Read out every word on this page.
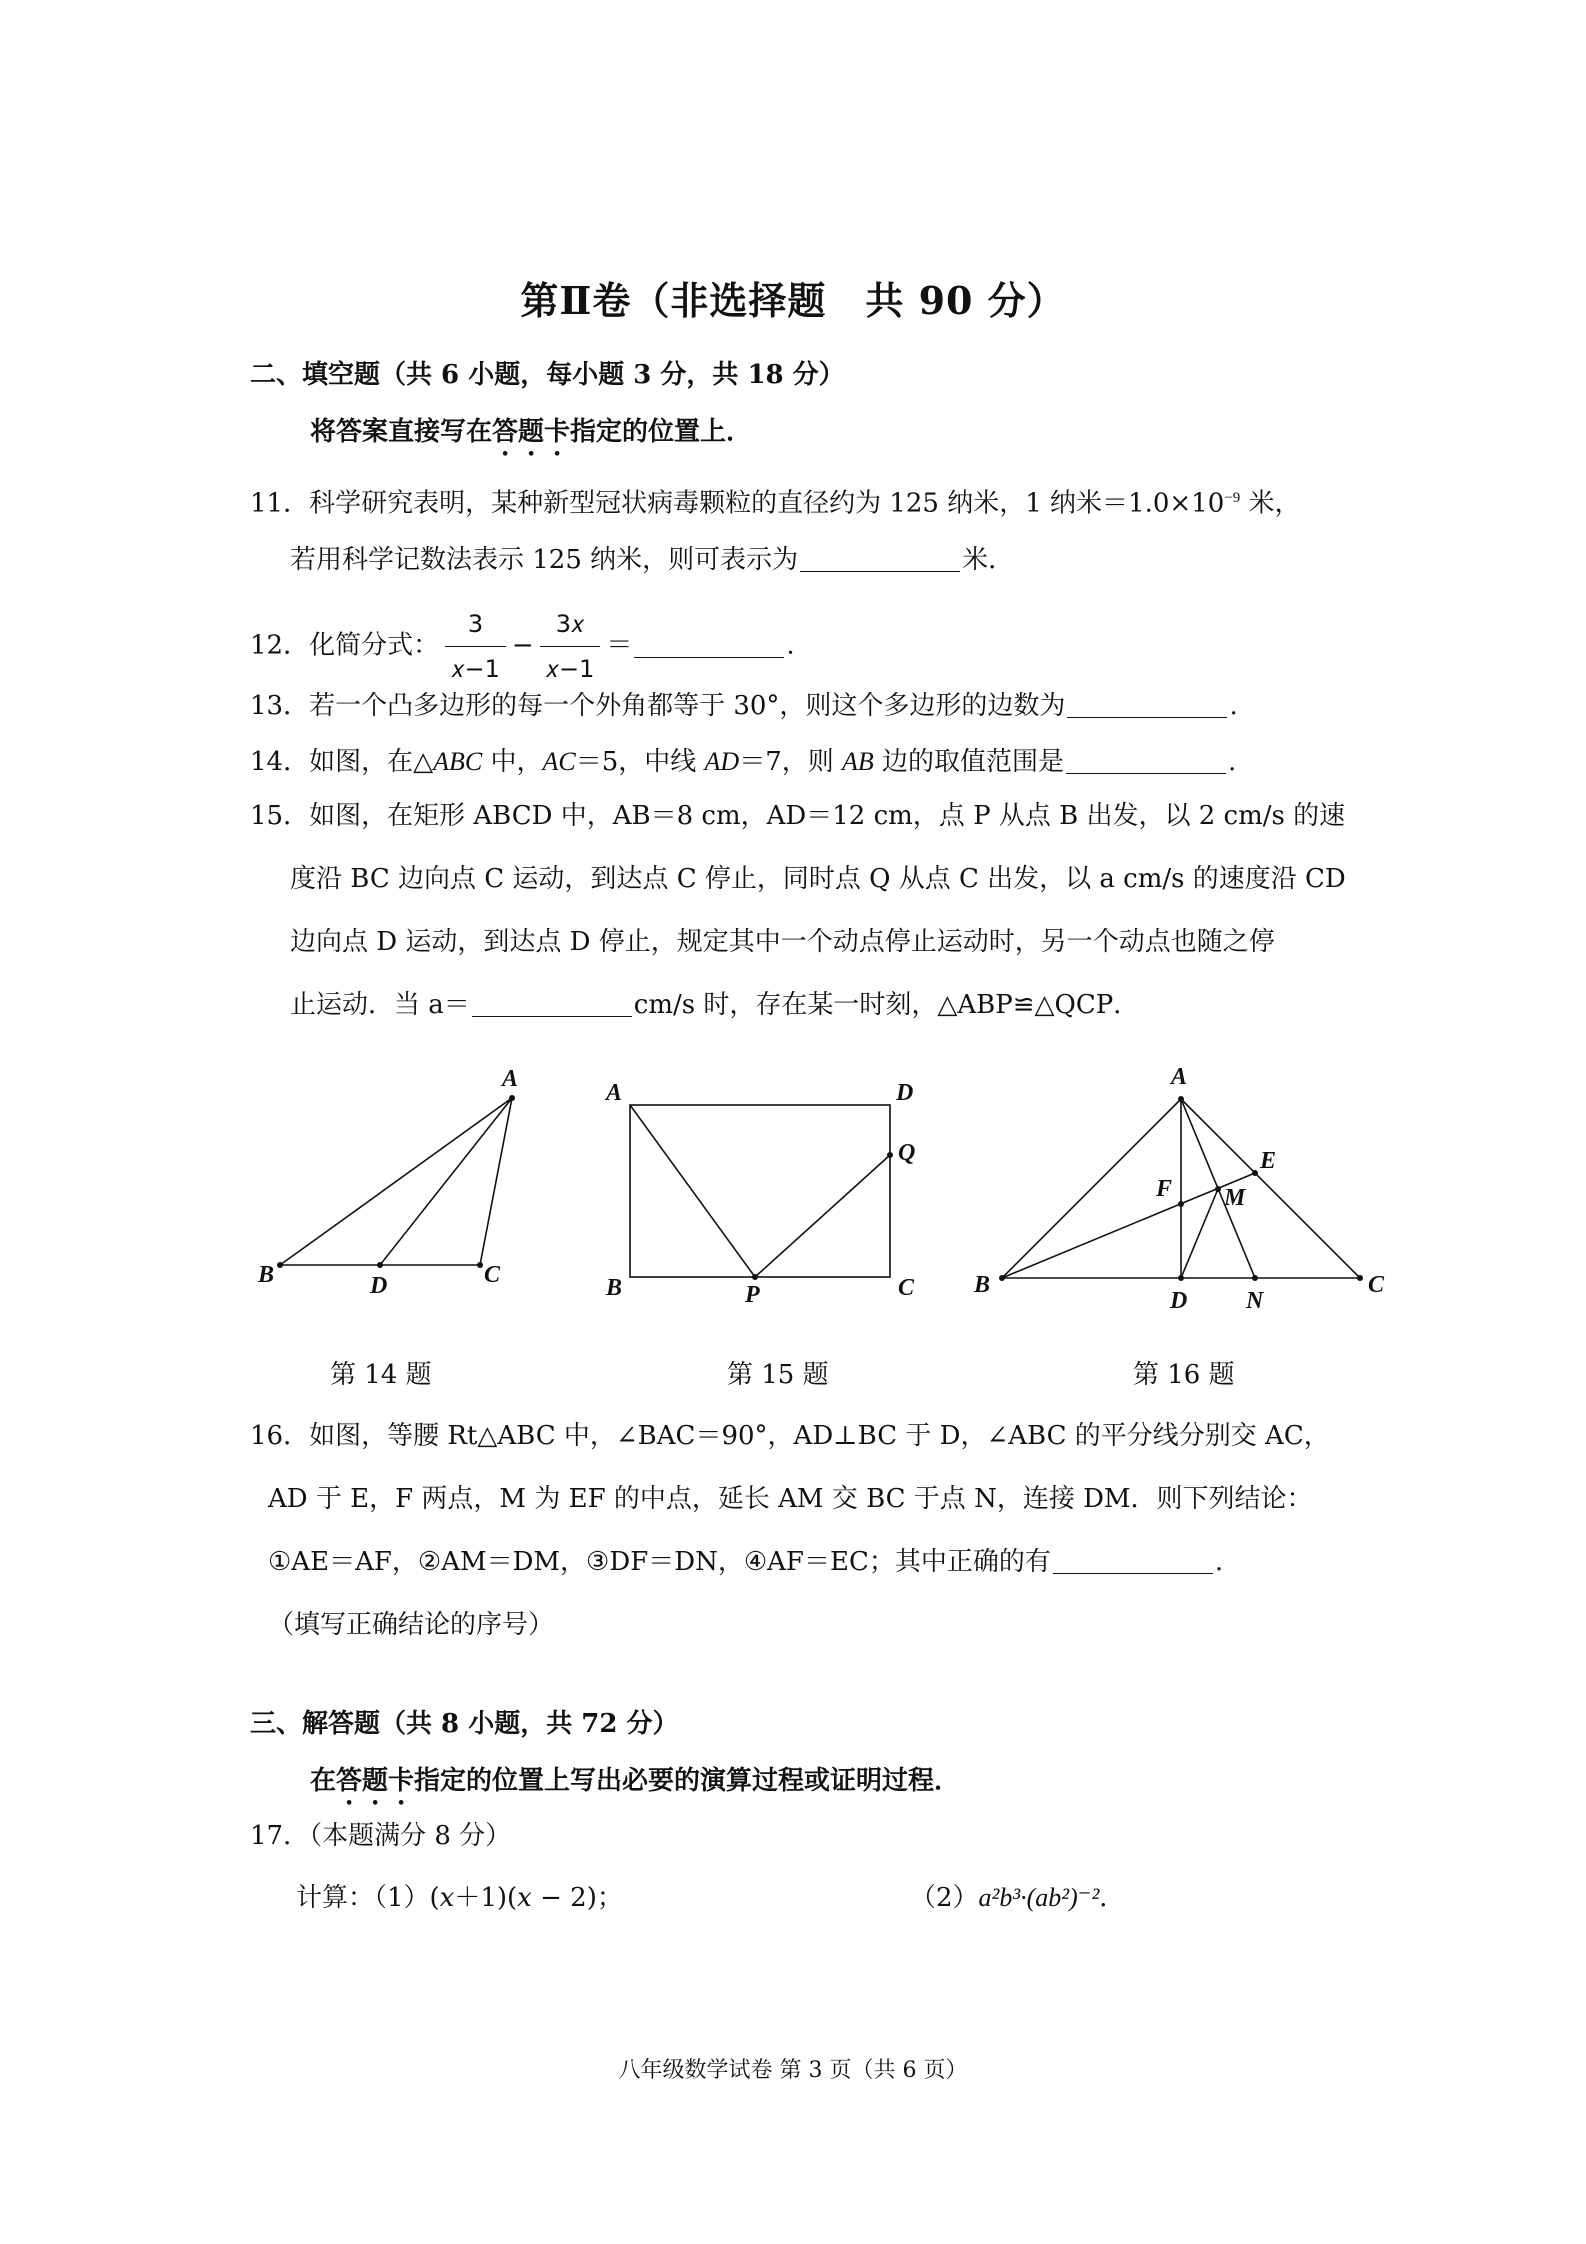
第Ⅱ卷（非选择题　共 90 分）
二、填空题（共 6 小题，每小题 3 分，共 18 分）
将答案直接写在答题卡指定的位置上．
11．科学研究表明，某种新型冠状病毒颗粒的直径约为 125 纳米，1 纳米$=1.0\times 10^{-9}$ 米，
若用科学记数法表示 125 纳米，则可表示为	米．
12．化简分式： $\frac{3}{\text{𝑥−1}} - \frac{\text{3𝑥}}{\text{𝑥−1}}$ ＝	.
13．若一个凸多边形的每一个外角都等于 30°，则这个多边形的边数为	.
14．如图，在△ABC 中，AC＝5，中线 AD＝7，则 AB 边的取值范围是	.
15．如图，在矩形 ABCD 中，AB＝8 cm，AD＝12 cm，点 P 从点 B 出发，以 2 cm/s 的速
度沿 BC 边向点 C 运动，到达点 C 停止，同时点 Q 从点 C 出发，以 a cm/s 的速度沿 CD
边向点 D 运动，到达点 D 停止，规定其中一个动点停止运动时，另一个动点也随之停
止运动．当 a＝	cm/s 时，存在某一时刻，△ABP≌△QCP．
A
B	C
D
A	D
B	C
P
Q
A
B	C
D N
E
F M
第 14 题	第 15 题	第 16 题
16．如图，等腰 Rt△ABC 中，∠BAC＝90°，AD⊥BC 于 D，∠ABC 的平分线分别交 AC，
AD 于 E，F 两点，M 为 EF 的中点，延长 AM 交 BC 于点 N，连接 DM．则下列结论：
①AE＝AF，②AM＝DM，③DF＝DN，④AF＝EC；其中正确的有	.
（填写正确结论的序号）
三、解答题（共 8 小题，共 72 分）
在答题卡指定的位置上写出必要的演算过程或证明过程．
17．（本题满分 8 分）
计算：（1）(𝑥＋1)(𝑥 − 2)；	（2）a²b³·(ab²)⁻²．
八年级数学试卷 第 3 页（共 6 页）
